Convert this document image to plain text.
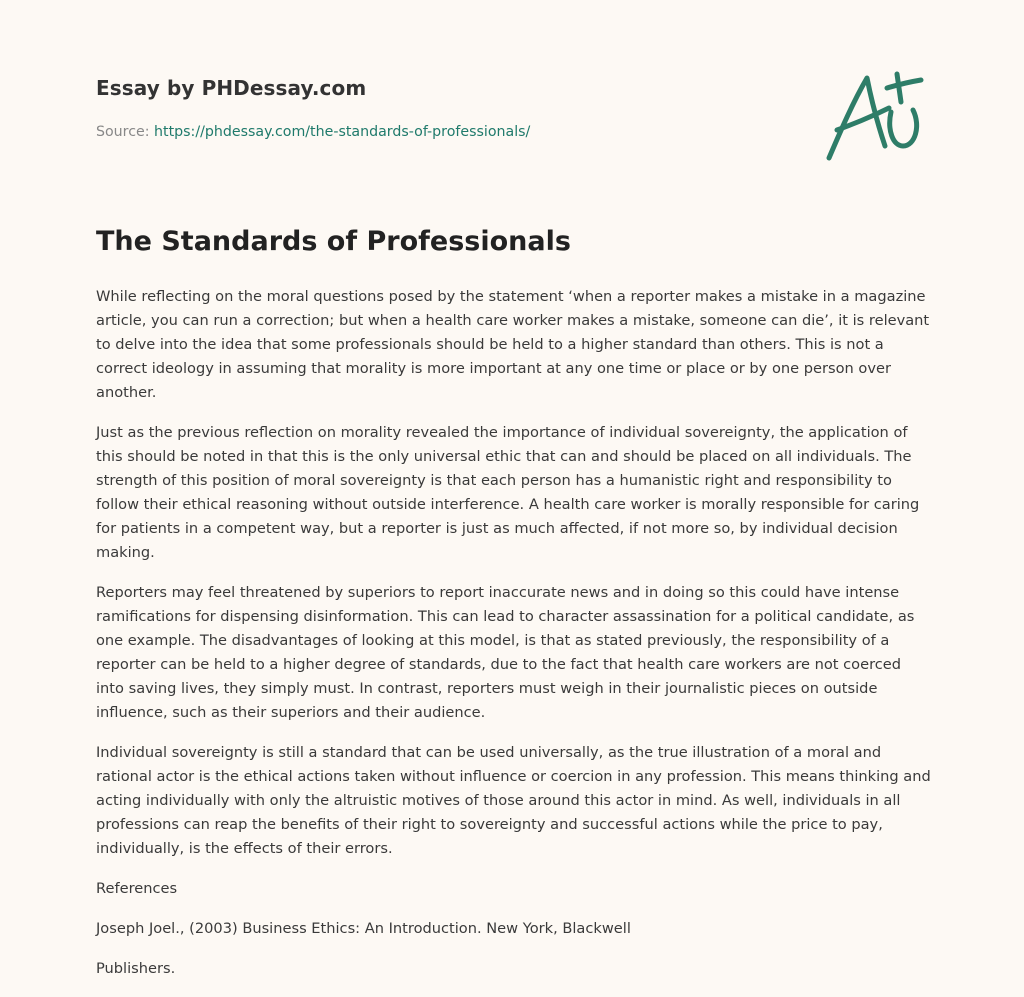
Essay by PHDessay.com
Source: https://phdessay.com/the-standards-of-professionals/
The Standards of Professionals

While reflecting on the moral questions posed by the statement ‘when a reporter makes a mistake in a magazine article, you can run a correction; but when a health care worker makes a mistake, someone can die’, it is relevant to delve into the idea that some professionals should be held to a higher standard than others. This is not a correct ideology in assuming that morality is more important at any one time or place or by one person over another.

Just as the previous reflection on morality revealed the importance of individual sovereignty, the application of this should be noted in that this is the only universal ethic that can and should be placed on all individuals. The strength of this position of moral sovereignty is that each person has a humanistic right and responsibility to follow their ethical reasoning without outside interference. A health care worker is morally responsible for caring for patients in a competent way, but a reporter is just as much affected, if not more so, by individual decision making.

Reporters may feel threatened by superiors to report inaccurate news and in doing so this could have intense ramifications for dispensing disinformation. This can lead to character assassination for a political candidate, as one example. The disadvantages of looking at this model, is that as stated previously, the responsibility of a reporter can be held to a higher degree of standards, due to the fact that health care workers are not coerced into saving lives, they simply must. In contrast, reporters must weigh in their journalistic pieces on outside influence, such as their superiors and their audience.

Individual sovereignty is still a standard that can be used universally, as the true illustration of a moral and rational actor is the ethical actions taken without influence or coercion in any profession. This means thinking and acting individually with only the altruistic motives of those around this actor in mind. As well, individuals in all professions can reap the benefits of their right to sovereignty and successful actions while the price to pay, individually, is the effects of their errors.

References

Joseph Joel., (2003) Business Ethics: An Introduction. New York, Blackwell

Publishers.
